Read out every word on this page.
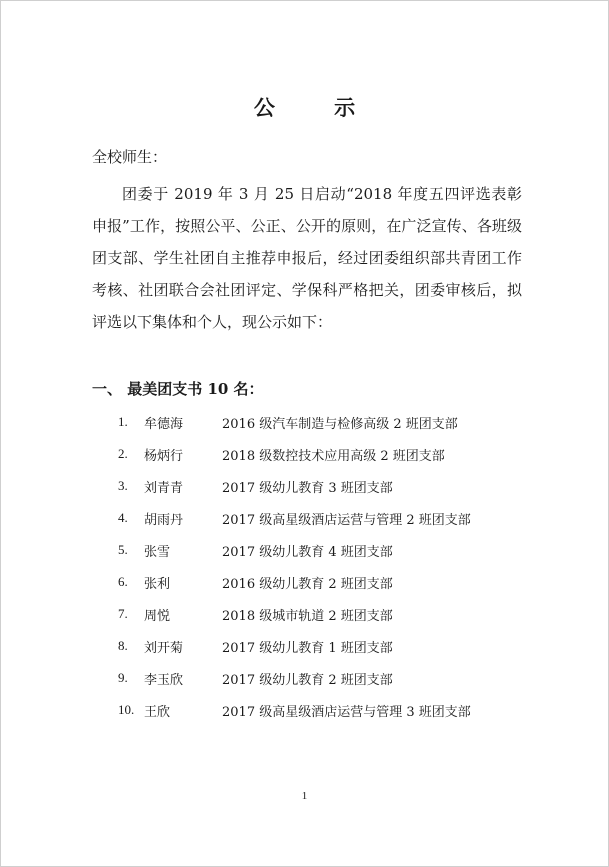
公 示
全校师生：
团委于 2019 年 3 月 25 日启动“2018 年度五四评选表彰申报”工作，按照公平、公正、公开的原则，在广泛宣传、各班级团支部、学生社团自主推荐申报后，经过团委组织部共青团工作考核、社团联合会社团评定、学保科严格把关，团委审核后，拟评选以下集体和个人，现公示如下：
一、 最美团支书 10 名：
1.	牟德海	2016 级汽车制造与检修高级 2 班团支部
2.	杨炳行	2018 级数控技术应用高级 2 班团支部
3.	刘青青	2017 级幼儿教育 3 班团支部
4.	胡雨丹	2017 级高星级酒店运营与管理 2 班团支部
5.	张雪	2017 级幼儿教育 4 班团支部
6.	张利	2016 级幼儿教育 2 班团支部
7.	周悦	2018 级城市轨道 2 班团支部
8.	刘开菊	2017 级幼儿教育 1 班团支部
9.	李玉欣	2017 级幼儿教育 2 班团支部
10. 王欣	2017 级高星级酒店运营与管理 3 班团支部
1
